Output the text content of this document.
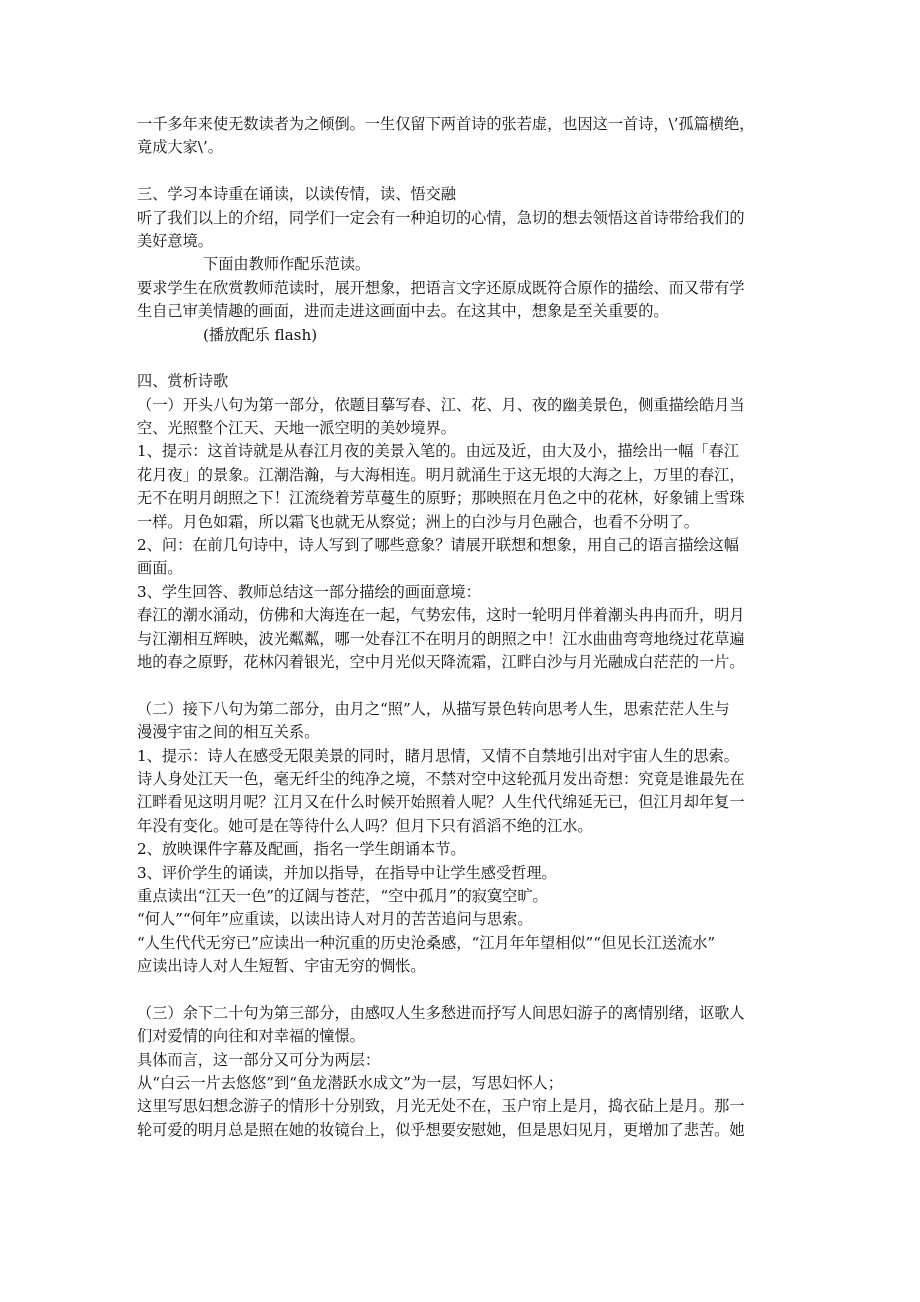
一千多年来使无数读者为之倾倒。一生仅留下两首诗的张若虚，也因这一首诗，\’孤篇横绝，
竟成大家\’。
三、学习本诗重在诵读，以读传情，读、悟交融
听了我们以上的介绍，同学们一定会有一种迫切的心情，急切的想去领悟这首诗带给我们的
美好意境。
下面由教师作配乐范读。
要求学生在欣赏教师范读时，展开想象，把语言文字还原成既符合原作的描绘、而又带有学
生自己审美情趣的画面，进而走进这画面中去。在这其中，想象是至关重要的。
(播放配乐 flash)
四、赏析诗歌
（一）开头八句为第一部分，依题目摹写春、江、花、月、夜的幽美景色，侧重描绘皓月当
空、光照整个江天、天地一派空明的美妙境界。
1、提示：这首诗就是从春江月夜的美景入笔的。由远及近，由大及小，描绘出一幅「春江
花月夜」的景象。江潮浩瀚，与大海相连。明月就涌生于这无垠的大海之上，万里的春江，
无不在明月朗照之下！江流绕着芳草蔓生的原野；那映照在月色之中的花林，好象铺上雪珠
一样。月色如霜，所以霜飞也就无从察觉；洲上的白沙与月色融合，也看不分明了。
2、问：在前几句诗中，诗人写到了哪些意象？请展开联想和想象，用自己的语言描绘这幅
画面。
3、学生回答、教师总结这一部分描绘的画面意境：
春江的潮水涌动，仿佛和大海连在一起，气势宏伟，这时一轮明月伴着潮头冉冉而升，明月
与江潮相互辉映，波光粼粼，哪一处春江不在明月的朗照之中！江水曲曲弯弯地绕过花草遍
地的春之原野，花林闪着银光，空中月光似天降流霜，江畔白沙与月光融成白茫茫的一片。
（二）接下八句为第二部分，由月之“照”人，从描写景色转向思考人生，思索茫茫人生与
漫漫宇宙之间的相互关系。
1、提示：诗人在感受无限美景的同时，睹月思情，又情不自禁地引出对宇宙人生的思索。
诗人身处江天一色，毫无纤尘的纯净之境，不禁对空中这轮孤月发出奇想：究竟是谁最先在
江畔看见这明月呢？江月又在什么时候开始照着人呢？人生代代绵延无已，但江月却年复一
年没有变化。她可是在等待什么人吗？但月下只有滔滔不绝的江水。
2、放映课件字幕及配画，指名一学生朗诵本节。
3、评价学生的诵读，并加以指导，在指导中让学生感受哲理。
重点读出“江天一色”的辽阔与苍茫，“空中孤月”的寂寞空旷。
“何人”“何年”应重读，以读出诗人对月的苦苦追问与思索。
“人生代代无穷已”应读出一种沉重的历史沧桑感，“江月年年望相似”“但见长江送流水”
应读出诗人对人生短暂、宇宙无穷的惆怅。
（三）余下二十句为第三部分，由感叹人生多愁进而抒写人间思妇游子的离情别绪，讴歌人
们对爱情的向往和对幸福的憧憬。
具体而言，这一部分又可分为两层：
从“白云一片去悠悠”到“鱼龙潜跃水成文”为一层，写思妇怀人；
这里写思妇想念游子的情形十分别致，月光无处不在，玉户帘上是月，捣衣砧上是月。那一
轮可爱的明月总是照在她的妆镜台上，似乎想要安慰她，但是思妇见月，更增加了悲苦。她
